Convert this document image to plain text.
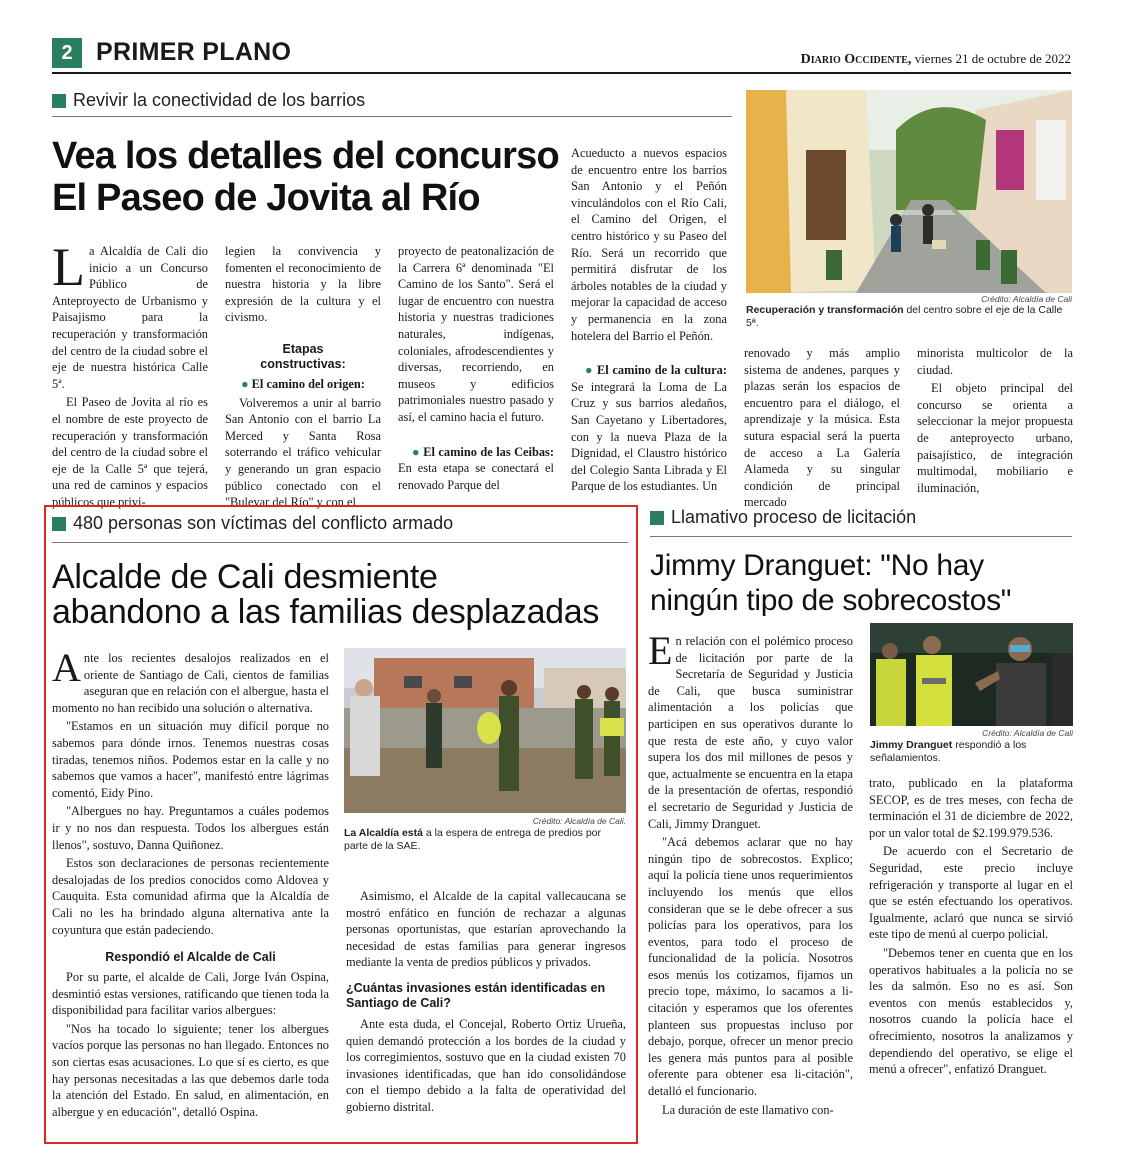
2 PRIMER PLANO	Diario Occidente, viernes 21 de octubre de 2022
Revivir la conectividad de los barrios
Vea los detalles del concurso
El Paseo de Jovita al Río

La Alcaldía de Cali dio inicio a un Concurso Público de Anteproyecto de Urbanismo y Paisajismo para la recuperación y transformación del centro de la ciudad sobre el eje de nuestra histórica Calle 5ª.

El Paseo de Jovita al río es el nombre de este proyecto de recuperación y transformación del centro de la ciudad sobre el eje de la Calle 5ª que tejerá, una red de caminos y espacios públicos que privi-

legien la convivencia y fomenten el reconocimiento de nuestra historia y la libre expresión de la cultura y el civismo.

Etapas
constructivas:

● El camino del origen:

Volveremos a unir al barrio San Antonio con el barrio La Merced y Santa Rosa soterrando el tráfico vehicular y generando un gran espacio público conectado con el "Bulevar del Río" y con el

proyecto de peatonalización de la Carrera 6ª denominada "El Camino de los Santo". Será el lugar de encuentro con nuestra historia y nuestras tradiciones naturales, indígenas, coloniales, afrodescendientes y diversas, recorriendo, en museos y edificios patrimoniales nuestro pasado y así, el camino hacia el futuro.

● El camino de las Ceibas: En esta etapa se conectará el renovado Parque del

Acueducto a nuevos espacios de encuentro entre los barrios San Antonio y el Peñón vinculándolos con el Río Cali, el Camino del Origen, el centro histórico y su Paseo del Río. Será un recorrido que permitirá disfrutar de los árboles notables de la ciudad y mejorar la capacidad de acceso y permanencia en la zona hotelera del Barrio el Peñón.

● El camino de la cultura: Se integrará la Loma de La Cruz y sus barrios aledaños, San Cayetano y Libertadores, con y la nueva Plaza de la Dignidad, el Claustro histórico del Colegio Santa Librada y El Parque de los estudiantes. Un

Crédito: Alcaldía de Cali
Recuperación y transformación del centro sobre el eje de la Calle 5ª.

renovado y más amplio sistema de andenes, parques y plazas serán los espacios de encuentro para el diálogo, el aprendizaje y la música. Esta sutura espacial será la puerta de acceso a La Galería Alameda y su singular condición de principal mercado

minorista multicolor de la ciudad.

El objeto principal del concurso se orienta a seleccionar la mejor propuesta de anteproyecto urbano, paisajístico, de integración multimodal, mobiliario e iluminación,

480 personas son víctimas del conflicto armado
Alcalde de Cali desmiente
abandono a las familias desplazadas

Ante los recientes desalojos realizados en el oriente de Santiago de Cali, cientos de familias aseguran que en relación con el albergue, hasta el momento no han recibido una solución o alternativa.

"Estamos en un situación muy difícil porque no sabemos para dónde irnos. Tenemos nuestras cosas tiradas, tenemos niños. Podemos estar en la calle y no sabemos que vamos a hacer", manifestó entre lágrimas comentó, Eidy Pino.

"Albergues no hay. Preguntamos a cuáles podemos ir y no nos dan respuesta. Todos los albergues están llenos", sostuvo, Danna Quiñonez.

Estos son declaraciones de personas recientemente desalojadas de los predios conocidos como Aldovea y Cauquita. Esta comunidad afirma que la Alcaldía de Cali no les ha brindado alguna alternativa ante la coyuntura que están padeciendo.

Respondió el Alcalde de Cali

Por su parte, el alcalde de Cali, Jorge Iván Ospina, desmintió estas versiones, ratificando que tienen toda la disponibilidad para facilitar varios albergues:

"Nos ha tocado lo siguiente; tener los albergues vacíos porque las personas no han llegado. Entonces no son ciertas esas acusaciones. Lo que sí es cierto, es que hay personas necesitadas a las que debemos darle toda la atención del Estado. En salud, en alimentación, en albergue y en educación", detalló Ospina.

Crédito: Alcaldía de Cali.
La Alcaldía está a la espera de entrega de predios por parte de la SAE.

Asimismo, el Alcalde de la capital vallecaucana se mostró enfático en función de rechazar a algunas personas oportunistas, que estarían aprovechando la necesidad de estas familias para generar ingresos mediante la venta de predios públicos y privados.

¿Cuántas invasiones están identificadas en Santiago de Cali?

Ante esta duda, el Concejal, Roberto Ortiz Urueña, quien demandó protección a los bordes de la ciudad y los corregimientos, sostuvo que en la ciudad existen 70 invasiones identificadas, que han ido consolidándose con el tiempo debido a la falta de operatividad del gobierno distrital.

Llamativo proceso de licitación
Jimmy Dranguet: "No hay
ningún tipo de sobrecostos"

En relación con el polémico proceso de licitación por parte de la Secretaría de Seguridad y Justicia de Cali, que busca suministrar alimentación a los policías que participen en sus operativos durante lo que resta de este año, y cuyo valor supera los dos mil millones de pesos y que, actualmente se encuentra en la etapa de la presentación de ofertas, respondió el secretario de Seguridad y Justicia de Cali, Jimmy Dranguet.

"Acá debemos aclarar que no hay ningún tipo de sobrecostos. Explico; aquí la policía tiene unos requerimientos incluyendo los menús que ellos consideran que se le debe ofrecer a sus policías para los operativos, para los eventos, para todo el proceso de funcionalidad de la policía. Nosotros esos menús los cotizamos, fijamos un precio tope, máximo, lo sacamos a li-citación y esperamos que los oferentes planteen sus propuestas incluso por debajo, porque, ofrecer un menor precio les genera más puntos para al posible oferente para obtener esa li-citación", detalló el funcionario.

La duración de este llamativo con-

Crédito: Alcaldía de Cali
Jimmy Dranguet respondió a los señalamientos.

trato, publicado en la plataforma SECOP, es de tres meses, con fecha de terminación el 31 de diciembre de 2022, por un valor total de $2.199.979.536.

De acuerdo con el Secretario de Seguridad, este precio incluye refrigeración y transporte al lugar en el que se estén efectuando los operativos. Igualmente, aclaró que nunca se sirvió este tipo de menú al cuerpo policial.

"Debemos tener en cuenta que en los operativos habituales a la policía no se les da salmón. Eso no es así. Son eventos con menús establecidos y, nosotros cuando la policía hace el ofrecimiento, nosotros la analizamos y dependiendo del operativo, se elige el menú a ofrecer", enfatizó Dranguet.
